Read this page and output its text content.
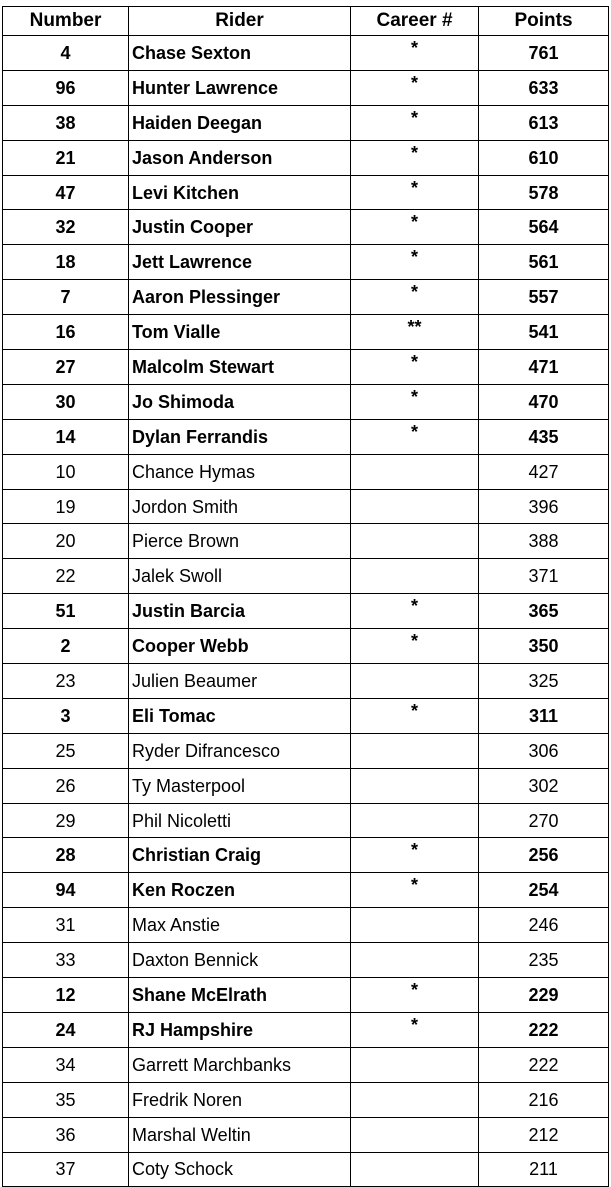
Number	Rider	Career #	Points
4	Chase Sexton	*	761
96	Hunter Lawrence	*	633
38	Haiden Deegan	*	613
21	Jason Anderson	*	610
47	Levi Kitchen	*	578
32	Justin Cooper	*	564
18	Jett Lawrence	*	561
7	Aaron Plessinger	*	557
16	Tom Vialle	**	541
27	Malcolm Stewart	*	471
30	Jo Shimoda	*	470
14	Dylan Ferrandis	*	435
10	Chance Hymas		427
19	Jordon Smith		396
20	Pierce Brown		388
22	Jalek Swoll		371
51	Justin Barcia	*	365
2	Cooper Webb	*	350
23	Julien Beaumer		325
3	Eli Tomac	*	311
25	Ryder Difrancesco		306
26	Ty Masterpool		302
29	Phil Nicoletti		270
28	Christian Craig	*	256
94	Ken Roczen	*	254
31	Max Anstie		246
33	Daxton Bennick		235
12	Shane McElrath	*	229
24	RJ Hampshire	*	222
34	Garrett Marchbanks		222
35	Fredrik Noren		216
36	Marshal Weltin		212
37	Coty Schock		211
